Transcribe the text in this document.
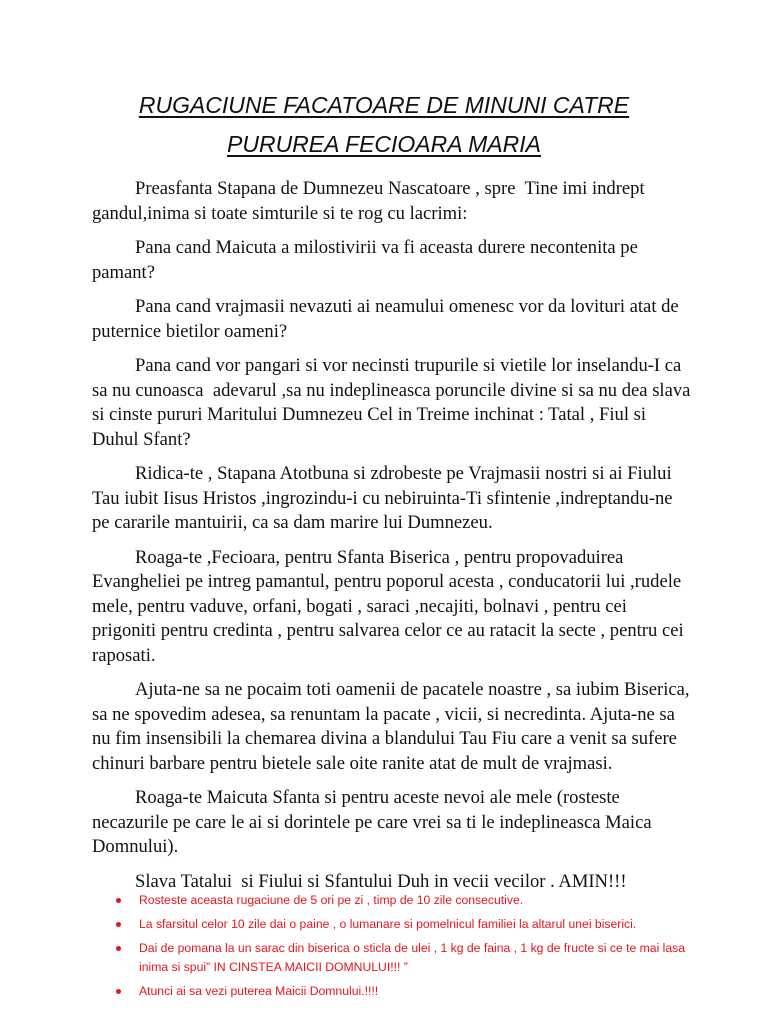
RUGACIUNE FACATOARE DE MINUNI CATRE PURUREA FECIOARA MARIA

Preasfanta Stapana de Dumnezeu Nascatoare , spre  Tine imi indrept gandul,inima si toate simturile si te rog cu lacrimi:

Pana cand Maicuta a milostivirii va fi aceasta durere necontenita pe pamant?

Pana cand vrajmasii nevazuti ai neamului omenesc vor da lovituri atat de puternice bietilor oameni?

Pana cand vor pangari si vor necinsti trupurile si vietile lor inselandu-I ca sa nu cunoasca  adevarul ,sa nu indeplineasca poruncile divine si sa nu dea slava si cinste pururi Maritului Dumnezeu Cel in Treime inchinat : Tatal , Fiul si Duhul Sfant?

Ridica-te , Stapana Atotbuna si zdrobeste pe Vrajmasii nostri si ai Fiului Tau iubit Iisus Hristos ,ingrozindu-i cu nebiruinta-Ti sfintenie ,indreptandu-ne pe cararile mantuirii, ca sa dam marire lui Dumnezeu.

Roaga-te ,Fecioara, pentru Sfanta Biserica , pentru propovaduirea Evangheliei pe intreg pamantul, pentru poporul acesta , conducatorii lui ,rudele mele, pentru vaduve, orfani, bogati , saraci ,necajiti, bolnavi , pentru cei prigoniti pentru credinta , pentru salvarea celor ce au ratacit la secte , pentru cei raposati.

Ajuta-ne sa ne pocaim toti oamenii de pacatele noastre , sa iubim Biserica, sa ne spovedim adesea, sa renuntam la pacate , vicii, si necredinta. Ajuta-ne sa nu fim insensibili la chemarea divina a blandului Tau Fiu care a venit sa sufere chinuri barbare pentru bietele sale oite ranite atat de mult de vrajmasi.

Roaga-te Maicuta Sfanta si pentru aceste nevoi ale mele (rosteste necazurile pe care le ai si dorintele pe care vrei sa ti le indeplineasca Maica Domnului).

Slava Tatalui  si Fiului si Sfantului Duh in vecii vecilor . AMIN!!!

Rosteste aceasta rugaciune de 5 ori pe zi , timp de 10 zile consecutive.
La sfarsitul celor 10 zile dai o paine , o lumanare si pomelnicul familiei la altarul unei biserici.
Dai de pomana la un sarac din biserica o sticla de ulei , 1 kg de faina , 1 kg de fructe si ce te mai lasa inima si spui” IN CINSTEA MAICII DOMNULUI!!! ”
Atunci ai sa vezi puterea Maicii Domnului.!!!!
